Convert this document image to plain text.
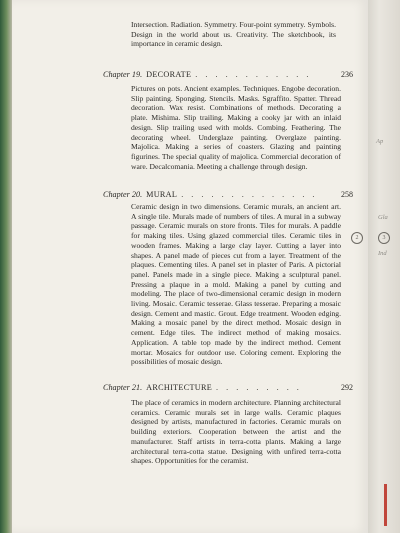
Ap
Gla
Ind
2	3

Intersection. Radiation. Symmetry. Four-point symmetry. Symbols. Design in the world about us. Creativity. The sketchbook, its importance in ceramic design.

Chapter 19. DECORATE . . . . . . . . . . . .	236

Pictures on pots. Ancient examples. Techniques. Engobe decoration. Slip painting. Sponging. Stencils. Masks. Sgraffito. Spatter. Thread decoration. Wax resist. Combinations of methods. Decorating a plate. Mishima. Slip trailing. Making a cooky jar with an inlaid design. Slip trailing used with molds. Combing. Feathering. The decorating wheel. Underglaze painting. Overglaze painting. Majolica. Making a series of coasters. Glazing and painting figurines. The special quality of majolica. Commercial decoration of ware. Decalcomania. Meeting a challenge through design.

Chapter 20. MURAL . . . . . . . . . . . . . .	258

Ceramic design in two dimensions. Ceramic murals, an ancient art. A single tile. Murals made of numbers of tiles. A mural in a subway passage. Ceramic murals on store fronts. Tiles for murals. A paddle for making tiles. Using glazed commercial tiles. Ceramic tiles in wooden frames. Making a large clay layer. Cutting a layer into shapes. A panel made of pieces cut from a layer. Treatment of the plaques. Cementing tiles. A panel set in plaster of Paris. A pictorial panel. Panels made in a single piece. Making a sculptural panel. Pressing a plaque in a mold. Making a panel by cutting and modeling. The place of two-dimensional ceramic design in modern living. Mosaic. Ceramic tesserae. Glass tesserae. Preparing a mosaic design. Cement and mastic. Grout. Edge treatment. Wooden edging. Making a mosaic panel by the direct method. Mosaic design in cement. Edge tiles. The indirect method of making mosaics. Application. A table top made by the indirect method. Cement mortar. Mosaics for outdoor use. Coloring cement. Exploring the possibilities of mosaic design.

Chapter 21. ARCHITECTURE . . . . . . . . .	292

The place of ceramics in modern architecture. Planning architectural ceramics. Ceramic murals set in large walls. Ceramic plaques designed by artists, manufactured in factories. Ceramic murals on building exteriors. Cooperation between the artist and the manufacturer. Staff artists in terra-cotta plants. Making a large architectural terra-cotta statue. Designing with unfired terra-cotta shapes. Opportunities for the ceramist.
